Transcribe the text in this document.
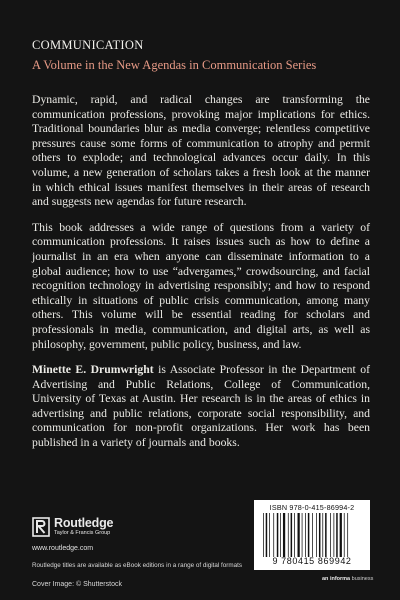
COMMUNICATION
A Volume in the New Agendas in Communication Series

Dynamic, rapid, and radical changes are transforming the communication professions, provoking major implications for ethics. Traditional boundaries blur as media converge; relentless competitive pressures cause some forms of communication to atrophy and permit others to explode; and technological advances occur daily. In this volume, a new generation of scholars takes a fresh look at the manner in which ethical issues manifest themselves in their areas of research and suggests new agendas for future research.

This book addresses a wide range of questions from a variety of communication professions. It raises issues such as how to define a journalist in an era when anyone can disseminate information to a global audience; how to use “advergames,” crowdsourcing, and facial recognition technology in advertising responsibly; and how to respond ethically in situations of public crisis communication, among many others. This volume will be essential reading for scholars and professionals in media, communication, and digital arts, as well as philosophy, government, public policy, business, and law.

Minette E. Drumwright is Associate Professor in the Department of Advertising and Public Relations, College of Communication, University of Texas at Austin. Her research is in the areas of ethics in advertising and public relations, corporate social responsibility, and communication for non-profit organizations. Her work has been published in a variety of journals and books.

Routledge
Taylor & Francis Group
www.routledge.com
Routledge titles are available as eBook editions in a range of digital formats
Cover Image: © Shutterstock
ISBN 978-0-415-86994-2
9 780415 869942
an informa business
